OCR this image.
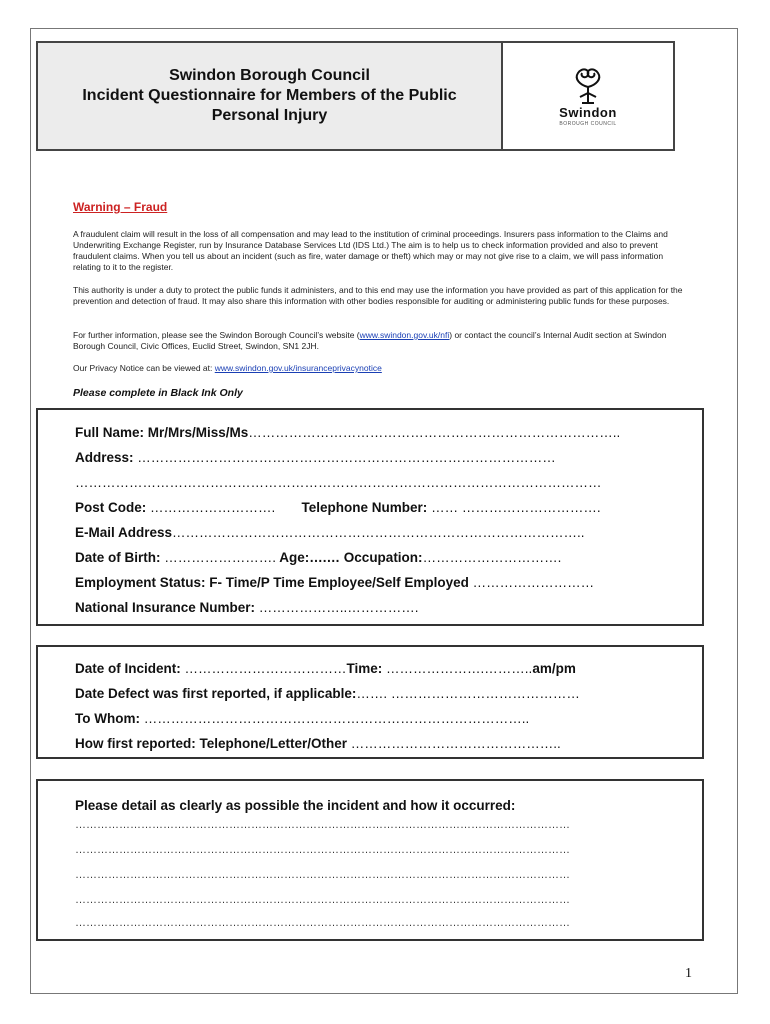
Swindon Borough Council
Incident Questionnaire for Members of the Public
Personal Injury	Swindon
BOROUGH COUNCIL
Warning – Fraud
A fraudulent claim will result in the loss of all compensation and may lead to the institution of criminal proceedings. Insurers pass information to the Claims and Underwriting Exchange Register, run by Insurance Database Services Ltd (IDS Ltd.) The aim is to help us to check information provided and also to prevent fraudulent claims. When you tell us about an incident (such as fire, water damage or theft) which may or may not give rise to a claim, we will pass information relating to it to the register.
This authority is under a duty to protect the public funds it administers, and to this end may use the information you have provided as part of this application for the prevention and detection of fraud. It may also share this information with other bodies responsible for auditing or administering public funds for these purposes.
For further information, please see the Swindon Borough Council’s website (www.swindon.gov.uk/nfi) or contact the council’s Internal Audit section at Swindon Borough Council, Civic Offices, Euclid Street, Swindon, SN1 2JH.
Our Privacy Notice can be viewed at: www.swindon.gov.uk/insuranceprivacynotice
Please complete in Black Ink Only
Full Name: Mr/Mrs/Miss/Ms………………………………………………………………………..
Address: …………………………………………………………………………………
………………………………………………………………………………………………………
Post Code: ………………………. Telephone Number: …… ………………………….
E-Mail Address………………………………………………………………………………..
Date of Birth: ……………………. Age:….… Occupation:………………………….
Employment Status: F- Time/P Time Employee/Self Employed ………………………
National Insurance Number: ………………..…………….
Date of Incident: ………………………………Time: ………………….………..am/pm
Date Defect was first reported, if applicable:……. ……………………………………
To Whom: …………………………………………………………………………..
How first reported: Telephone/Letter/Other ………………………………………..
Please detail as clearly as possible the incident and how it occurred:
………………………………………………………………………………………………………………………
………………………………………………………………………………………………………………………
………………………………………………………………………………………………………………………
………………………………………………………………………………………………………………………
………………………………………………………………………………………………………………………
1
